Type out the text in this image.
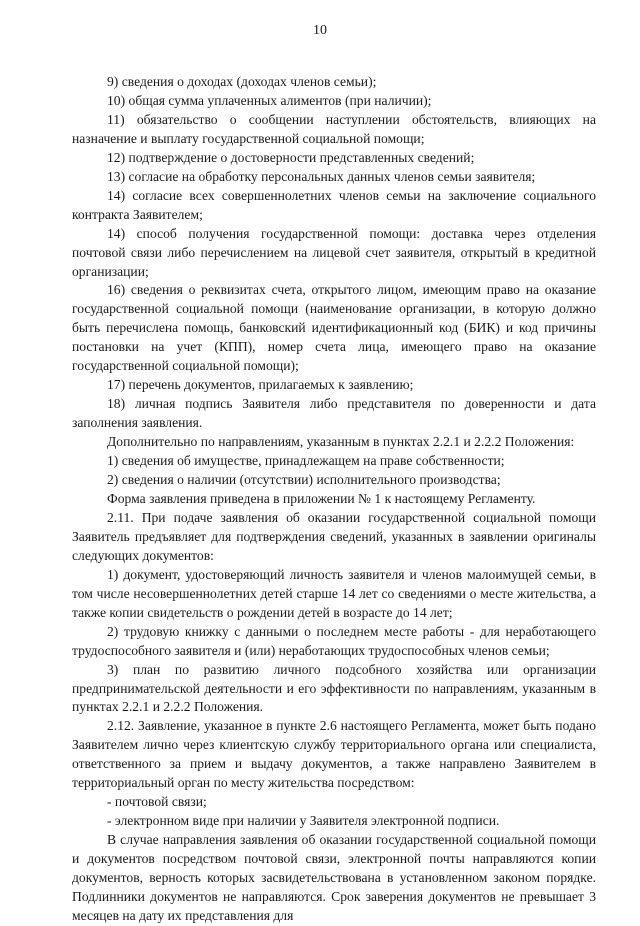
10

9) сведения о доходах (доходах членов семьи);

10) общая сумма уплаченных алиментов (при наличии);

11) обязательство о сообщении наступлении обстоятельств, влияющих на назначение и выплату государственной социальной помощи;

12) подтверждение о достоверности представленных сведений;

13) согласие на обработку персональных данных членов семьи заявителя;

14) согласие всех совершеннолетних членов семьи на заключение социального контракта Заявителем;

14) способ получения государственной помощи: доставка через отделения почтовой связи либо перечислением на лицевой счет заявителя, открытый в кредитной организации;

16) сведения о реквизитах счета, открытого лицом, имеющим право на оказание государственной социальной помощи (наименование организации, в которую должно быть перечислена помощь, банковский идентификационный код (БИК) и код причины постановки на учет (КПП), номер счета лица, имеющего право на оказание государственной социальной помощи);

17) перечень документов, прилагаемых к заявлению;

18) личная подпись Заявителя либо представителя по доверенности и дата заполнения заявления.

Дополнительно по направлениям, указанным в пунктах 2.2.1 и 2.2.2 Положения:

1) сведения об имуществе, принадлежащем на праве собственности;

2) сведения о наличии (отсутствии) исполнительного производства;

Форма заявления приведена в приложении № 1 к настоящему Регламенту.

2.11. При подаче заявления об оказании государственной социальной помощи Заявитель предъявляет для подтверждения сведений, указанных в заявлении оригиналы следующих документов:

1) документ, удостоверяющий личность заявителя и членов малоимущей семьи, в том числе несовершеннолетних детей старше 14 лет со сведениями о месте жительства, а также копии свидетельств о рождении детей в возрасте до 14 лет;

2) трудовую книжку с данными о последнем месте работы - для неработающего трудоспособного заявителя и (или) неработающих трудоспособных членов семьи;

3) план по развитию личного подсобного хозяйства или организации предпринимательской деятельности и его эффективности по направлениям, указанным в пунктах 2.2.1 и 2.2.2 Положения.

2.12. Заявление, указанное в пункте 2.6 настоящего Регламента, может быть подано Заявителем лично через клиентскую службу территориального органа или специалиста, ответственного за прием и выдачу документов, а также направлено Заявителем в территориальный орган по месту жительства посредством:

- почтовой связи;

- электронном виде при наличии у Заявителя электронной подписи.

В случае направления заявления об оказании государственной социальной помощи и документов посредством почтовой связи, электронной почты направляются копии документов, верность которых засвидетельствована в установленном законом порядке. Подлинники документов не направляются. Срок заверения документов не превышает 3 месяцев на дату их представления для
